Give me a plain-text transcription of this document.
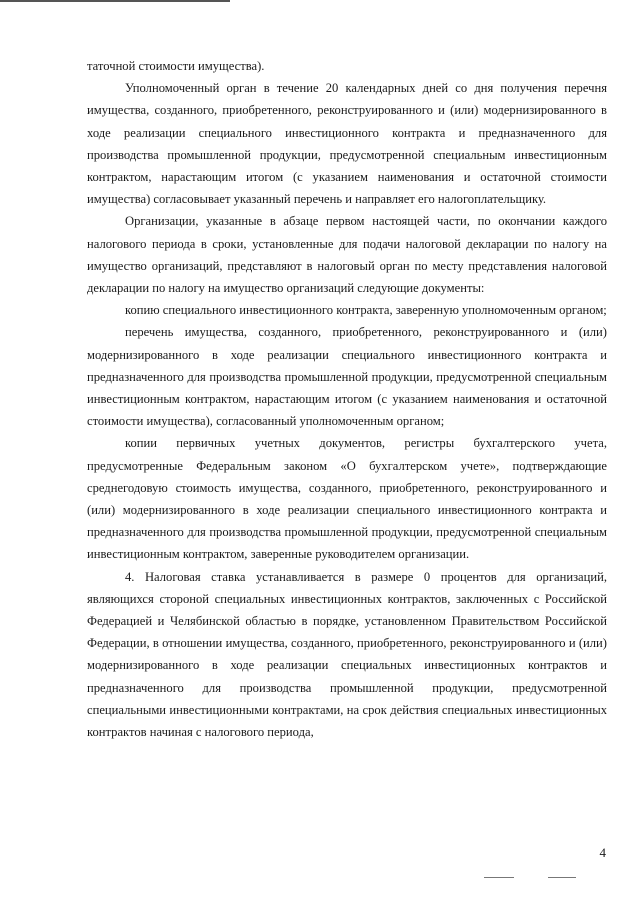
таточной стоимости имущества).

Уполномоченный орган в течение 20 календарных дней со дня получения перечня имущества, созданного, приобретенного, реконструированного и (или) модернизированного в ходе реализации специального инвестиционного контракта и предназначенного для производства промышленной продукции, предусмотренной специальным инвестиционным контрактом, нарастающим итогом (с указанием наименования и остаточной стоимости имущества) согласовывает указанный перечень и направляет его налогоплательщику.

Организации, указанные в абзаце первом настоящей части, по окончании каждого налогового периода в сроки, установленные для подачи налоговой декларации по налогу на имущество организаций, представляют в налоговый орган по месту представления налоговой декларации по налогу на имущество организаций следующие документы:

копию специального инвестиционного контракта, заверенную уполномоченным органом;

перечень имущества, созданного, приобретенного, реконструированного и (или) модернизированного в ходе реализации специального инвестиционного контракта и предназначенного для производства промышленной продукции, предусмотренной специальным инвестиционным контрактом, нарастающим итогом (с указанием наименования и остаточной стоимости имущества), согласованный уполномоченным органом;

копии первичных учетных документов, регистры бухгалтерского учета, предусмотренные Федеральным законом «О бухгалтерском учете», подтверждающие среднегодовую стоимость имущества, созданного, приобретенного, реконструированного и (или) модернизированного в ходе реализации специального инвестиционного контракта и предназначенного для производства промышленной продукции, предусмотренной специальным инвестиционным контрактом, заверенные руководителем организации.

4. Налоговая ставка устанавливается в размере 0 процентов для организаций, являющихся стороной специальных инвестиционных контрактов, заключенных с Российской Федерацией и Челябинской областью в порядке, установленном Правительством Российской Федерации, в отношении имущества, созданного, приобретенного, реконструированного и (или) модернизированного в ходе реализации специальных инвестиционных контрактов и предназначенного для производства промышленной продукции, предусмотренной специальными инвестиционными контрактами, на срок действия специальных инвестиционных контрактов начиная с налогового периода,

4
